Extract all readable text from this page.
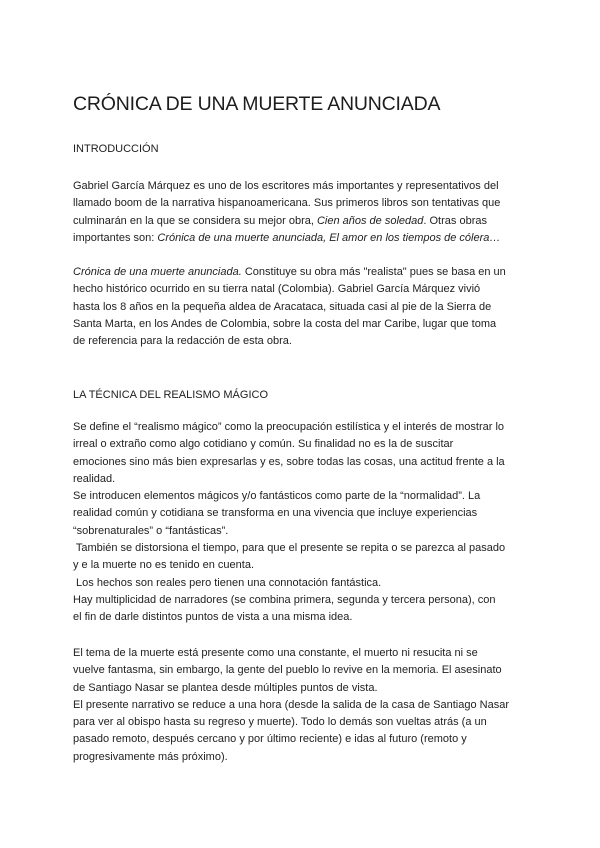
CRÓNICA DE UNA MUERTE ANUNCIADA
INTRODUCCIÓN
Gabriel García Márquez es uno de los escritores más importantes y representativos del
llamado boom de la narrativa hispanoamericana. Sus primeros libros son tentativas que
culminarán en la que se considera su mejor obra, Cien años de soledad. Otras obras
importantes son: Crónica de una muerte anunciada, El amor en los tiempos de cólera…
Crónica de una muerte anunciada. Constituye su obra más "realista" pues se basa en un
hecho histórico ocurrido en su tierra natal (Colombia). Gabriel García Márquez vivió
hasta los 8 años en la pequeña aldea de Aracataca, situada casi al pie de la Sierra de
Santa Marta, en los Andes de Colombia, sobre la costa del mar Caribe, lugar que toma
de referencia para la redacción de esta obra.
LA TÉCNICA DEL REALISMO MÁGICO
Se define el “realismo mágico” como la preocupación estilística y el interés de mostrar lo
irreal o extraño como algo cotidiano y común. Su finalidad no es la de suscitar
emociones sino más bien expresarlas y es, sobre todas las cosas, una actitud frente a la
realidad.
Se introducen elementos mágicos y/o fantásticos como parte de la “normalidad”. La
realidad común y cotidiana se transforma en una vivencia que incluye experiencias
“sobrenaturales” o “fantásticas”.
También se distorsiona el tiempo, para que el presente se repita o se parezca al pasado
y e la muerte no es tenido en cuenta.
Los hechos son reales pero tienen una connotación fantástica.
Hay multiplicidad de narradores (se combina primera, segunda y tercera persona), con
el fin de darle distintos puntos de vista a una misma idea.
El tema de la muerte está presente como una constante, el muerto ni resucita ni se
vuelve fantasma, sin embargo, la gente del pueblo lo revive en la memoria. El asesinato
de Santiago Nasar se plantea desde múltiples puntos de vista.
El presente narrativo se reduce a una hora (desde la salida de la casa de Santiago Nasar
para ver al obispo hasta su regreso y muerte). Todo lo demás son vueltas atrás (a un
pasado remoto, después cercano y por último reciente) e idas al futuro (remoto y
progresivamente más próximo).
